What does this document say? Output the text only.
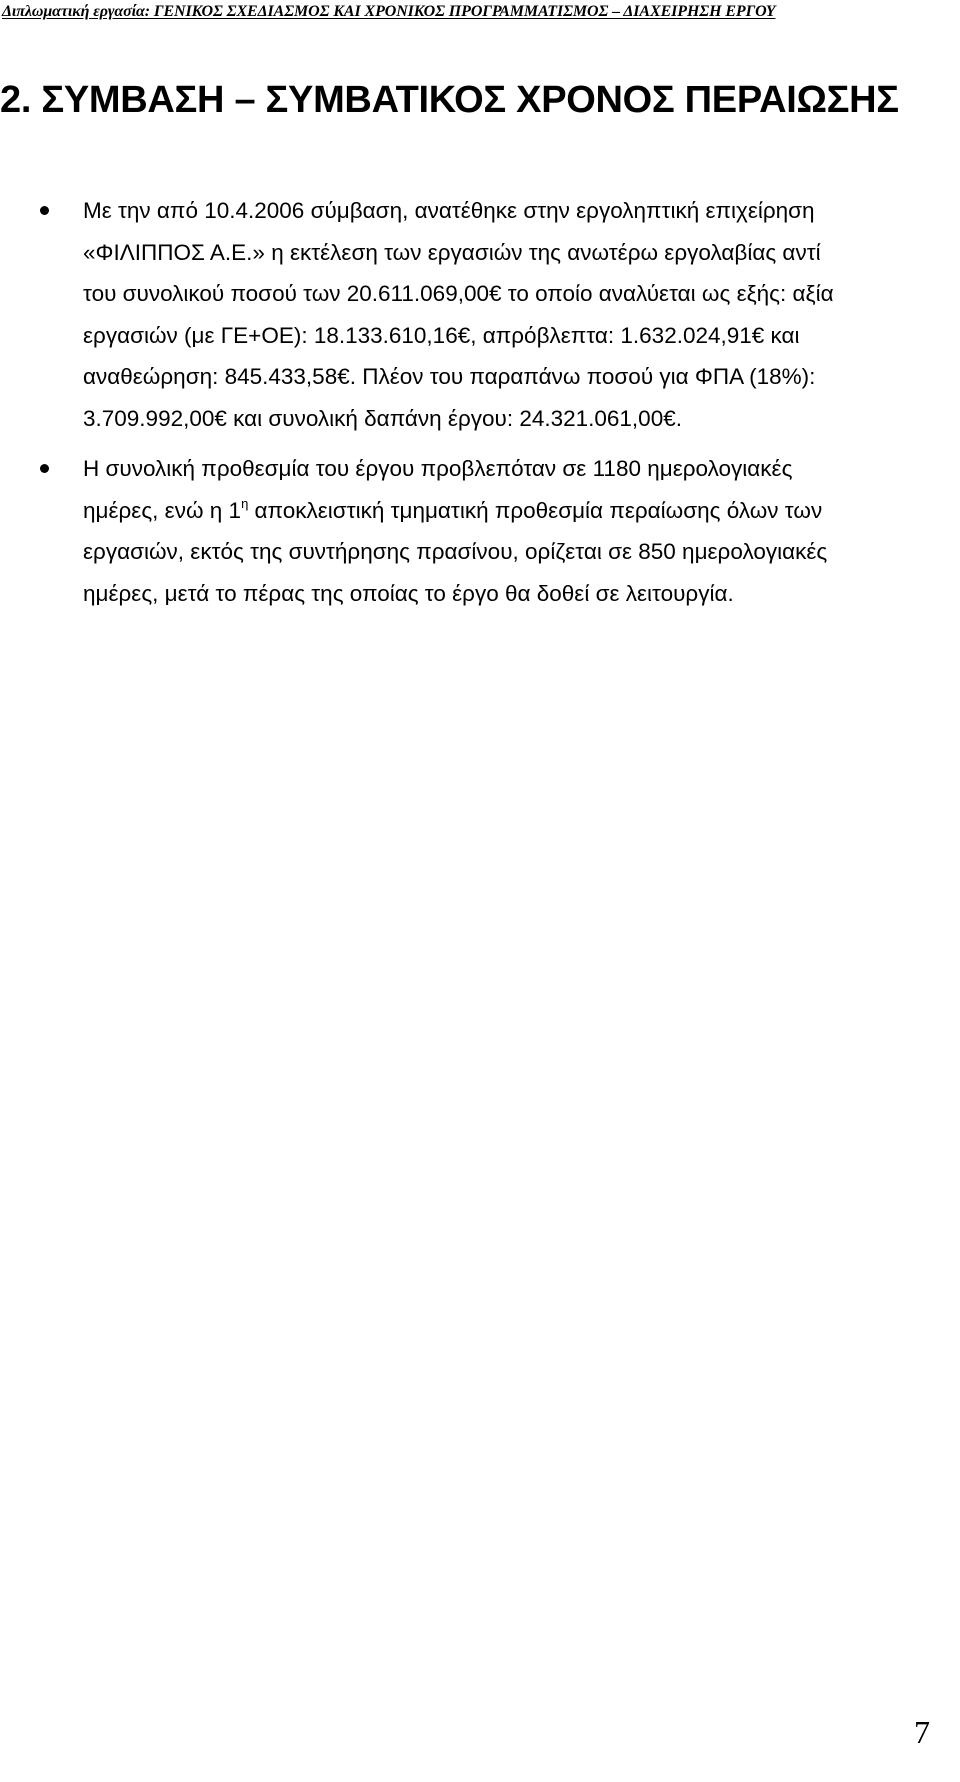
Διπλωματική εργασία: ΓΕΝΙΚΟΣ ΣΧΕΔΙΑΣΜΟΣ ΚΑΙ ΧΡΟΝΙΚΟΣ ΠΡΟΓΡΑΜΜΑΤΙΣΜΟΣ – ΔΙΑΧΕΙΡΗΣΗ ΕΡΓΟΥ
2. ΣΥΜΒΑΣΗ – ΣΥΜΒΑΤΙΚΟΣ ΧΡΟΝΟΣ ΠΕΡΑΙΩΣΗΣ

Με την από 10.4.2006 σύμβαση, ανατέθηκε στην εργοληπτική επιχείρηση

«ΦΙΛΙΠΠΟΣ Α.Ε.» η εκτέλεση των εργασιών της ανωτέρω εργολαβίας αντί

του συνολικού ποσού των 20.611.069,00€ το οποίο αναλύεται ως εξής: αξία

εργασιών (με ΓΕ+ΟΕ): 18.133.610,16€, απρόβλεπτα: 1.632.024,91€ και

αναθεώρηση: 845.433,58€. Πλέον του παραπάνω ποσού για ΦΠΑ (18%):

3.709.992,00€ και συνολική δαπάνη έργου: 24.321.061,00€.

Η συνολική προθεσμία του έργου προβλεπόταν σε 1180 ημερολογιακές

ημέρες, ενώ η $1^\eta$ αποκλειστική τμηματική προθεσμία περαίωσης όλων των

εργασιών, εκτός της συντήρησης πρασίνου, ορίζεται σε 850 ημερολογιακές

ημέρες, μετά το πέρας της οποίας το έργο θα δοθεί σε λειτουργία.

7
